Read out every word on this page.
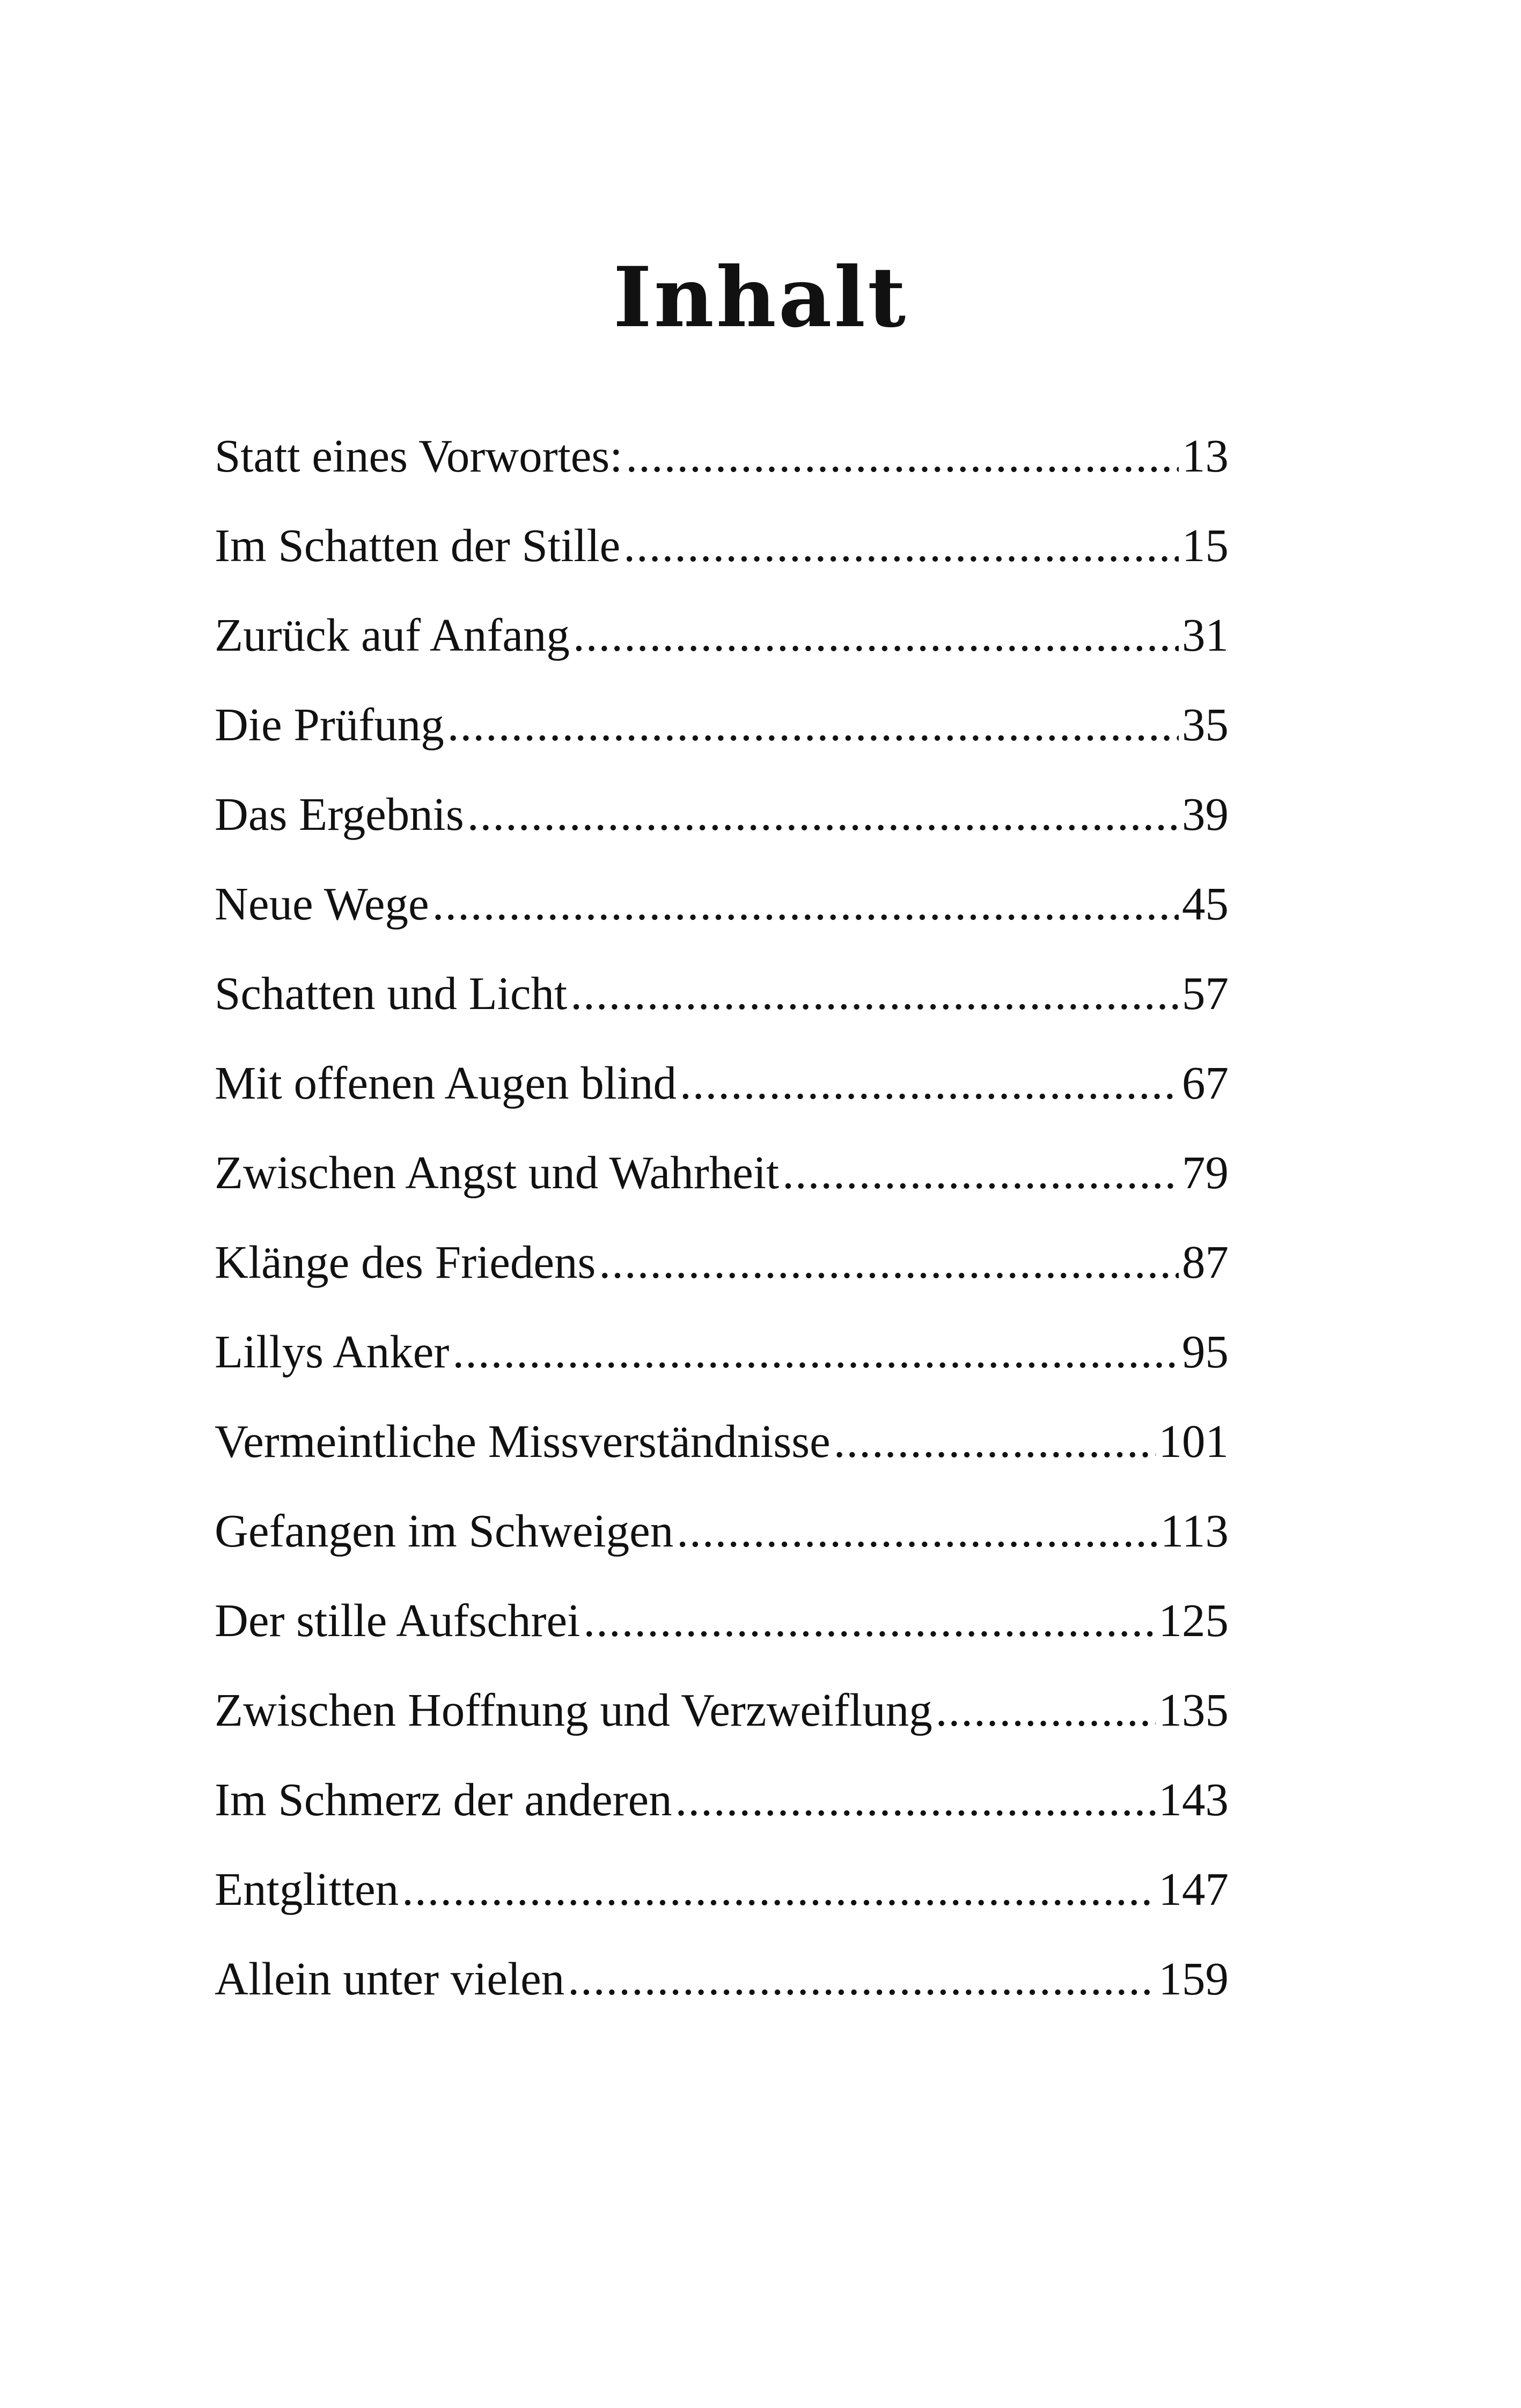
Inhalt
Statt eines Vorwortes: .....	13
Im Schatten der Stille .....	15
Zurück auf Anfang .....	31
Die Prüfung .....	35
Das Ergebnis .....	39
Neue Wege .....	45
Schatten und Licht .....	57
Mit offenen Augen blind .....	67
Zwischen Angst und Wahrheit .....	79
Klänge des Friedens .....	87
Lillys Anker .....	95
Vermeintliche Missverständnisse .....	101
Gefangen im Schweigen .....	113
Der stille Aufschrei .....	125
Zwischen Hoffnung und Verzweiflung .....	135
Im Schmerz der anderen .....	143
Entglitten .....	147
Allein unter vielen .....	159
